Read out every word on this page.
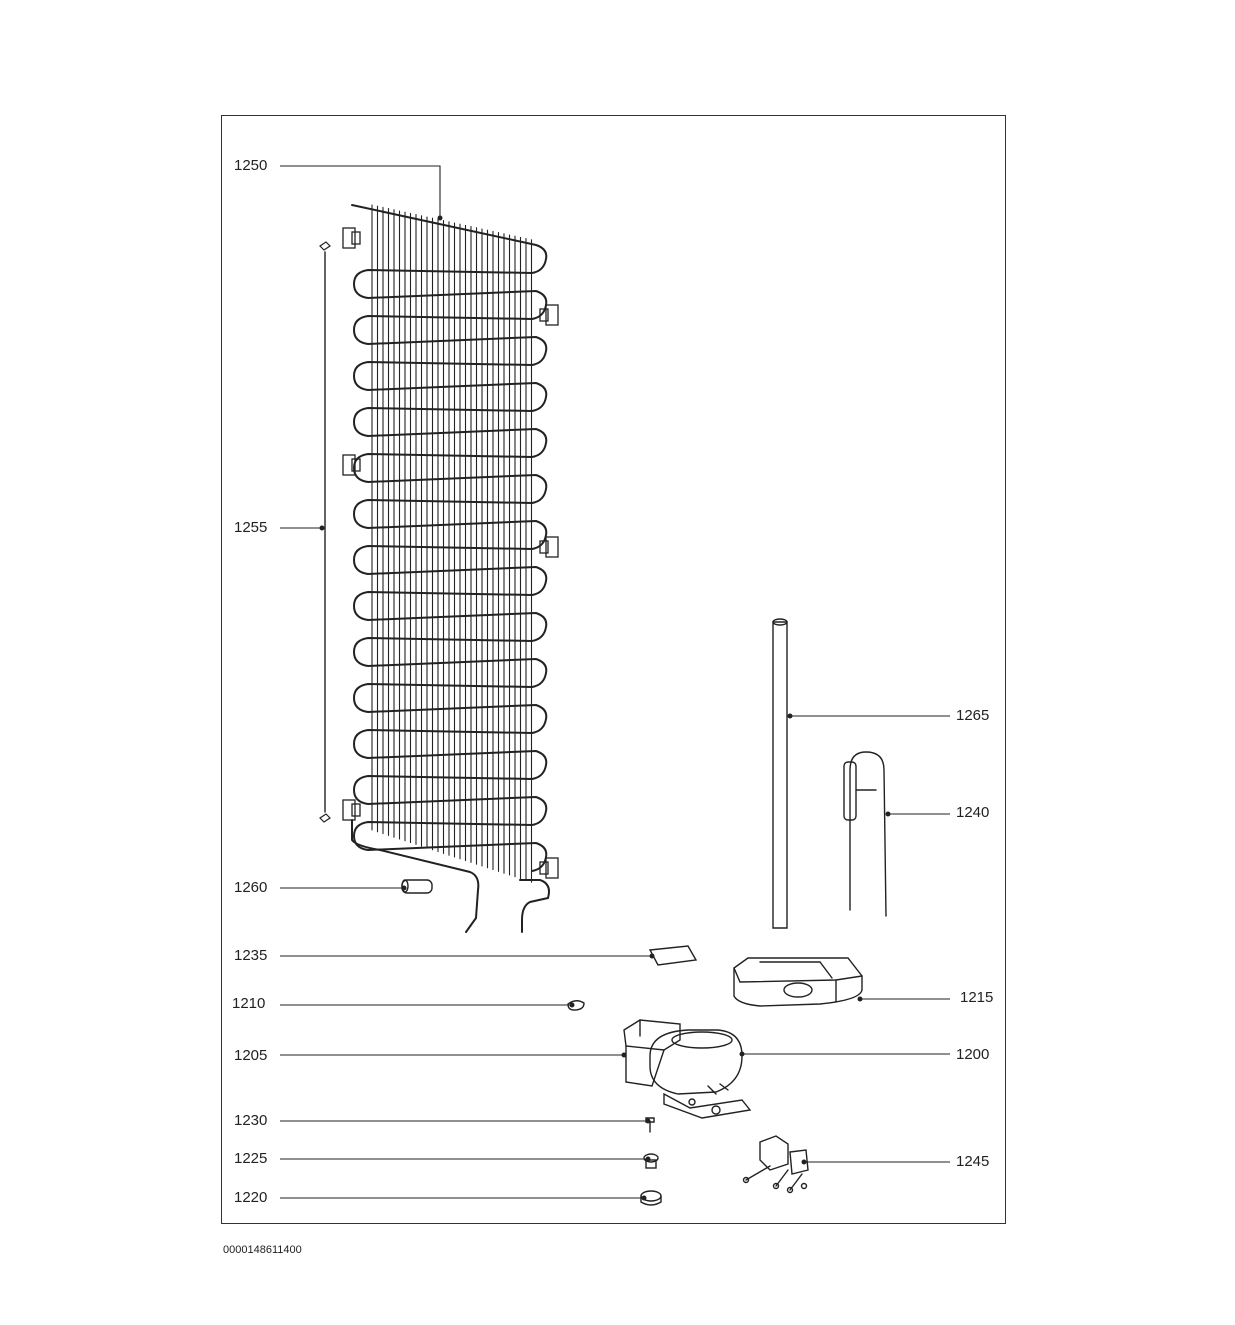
1250
1255
1260
1235
1210
1205
1230
1225
1220
1265
1240
1215
1200
1245
0000148611400
